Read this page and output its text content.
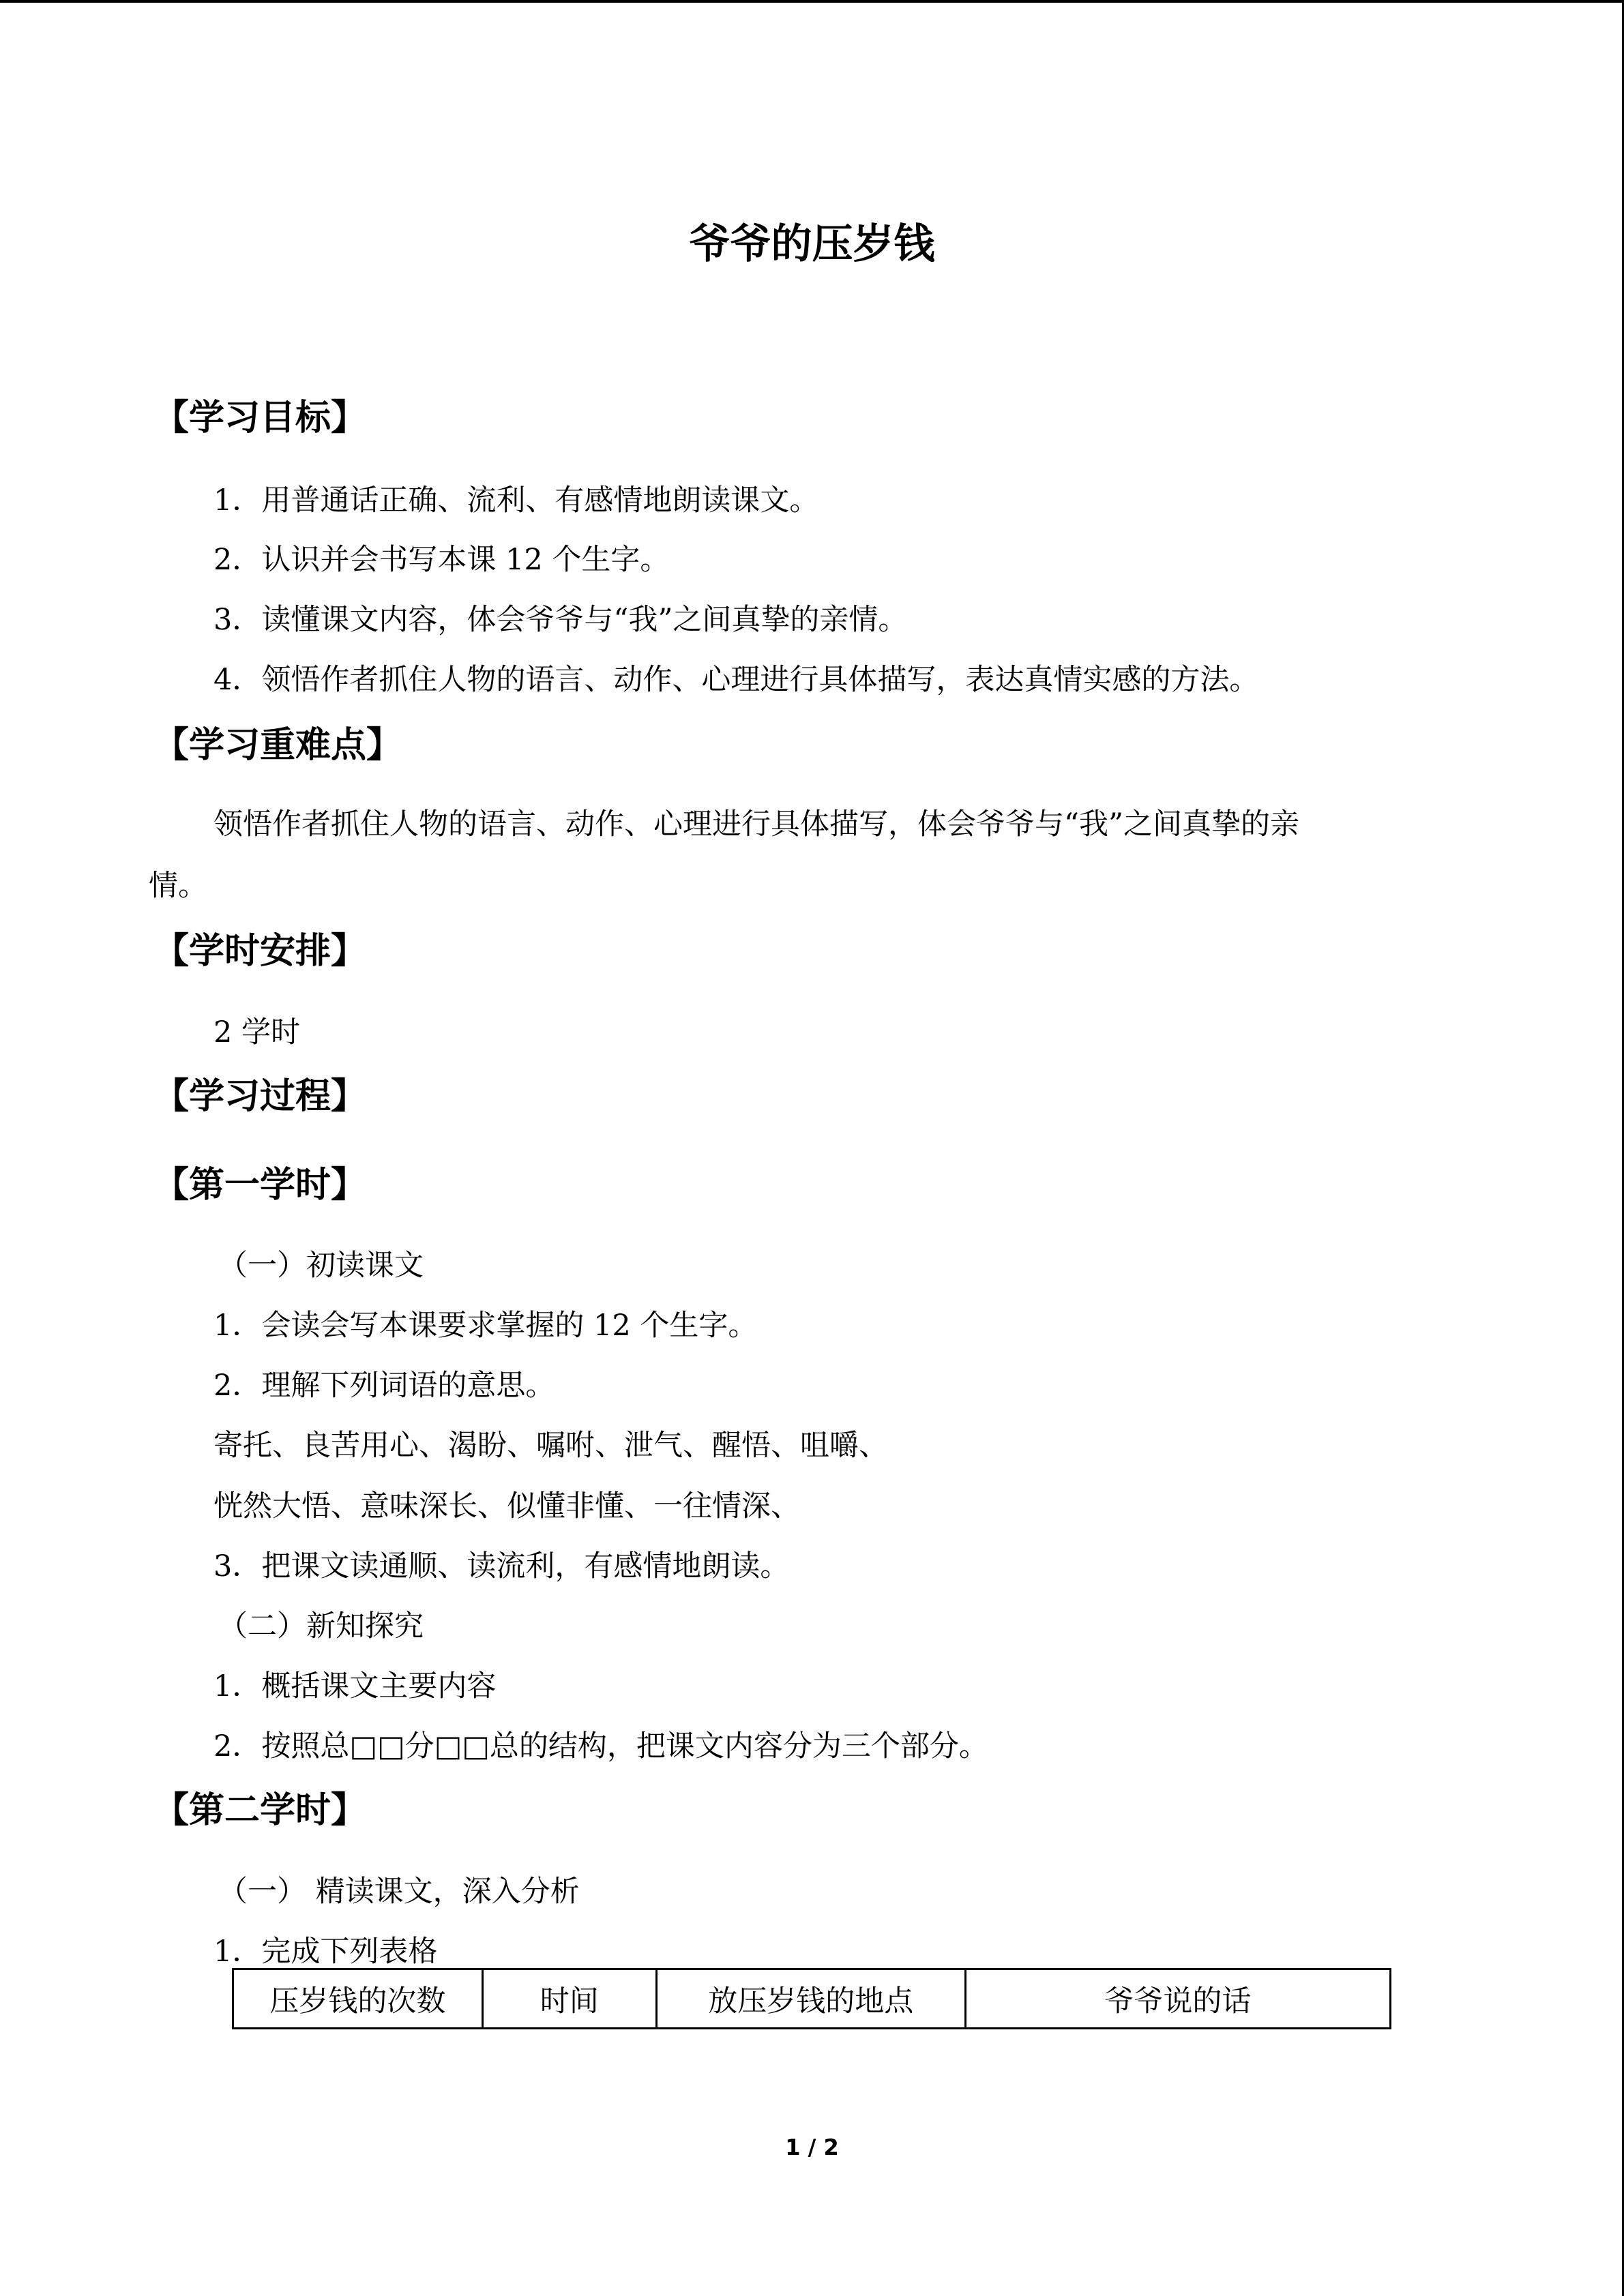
爷爷的压岁钱
【学习目标】
1．用普通话正确、流利、有感情地朗读课文。
2．认识并会书写本课 12 个生字。
3．读懂课文内容，体会爷爷与“我”之间真挚的亲情。
4．领悟作者抓住人物的语言、动作、心理进行具体描写，表达真情实感的方法。
【学习重难点】
领悟作者抓住人物的语言、动作、心理进行具体描写，体会爷爷与“我”之间真挚的亲
情。
【学时安排】
2 学时
【学习过程】
【第一学时】
（一）初读课文
1．会读会写本课要求掌握的 12 个生字。
2．理解下列词语的意思。
寄托、良苦用心、渴盼、嘱咐、泄气、醒悟、咀嚼、
恍然大悟、意味深长、似懂非懂、一往情深、
3．把课文读通顺、读流利，有感情地朗读。
（二）新知探究
1．概括课文主要内容
2．按照总□□分□□总的结构，把课文内容分为三个部分。
【第二学时】
（一） 精读课文，深入分析
1．完成下列表格
压岁钱的次数	时间	放压岁钱的地点	爷爷说的话
1 / 2
